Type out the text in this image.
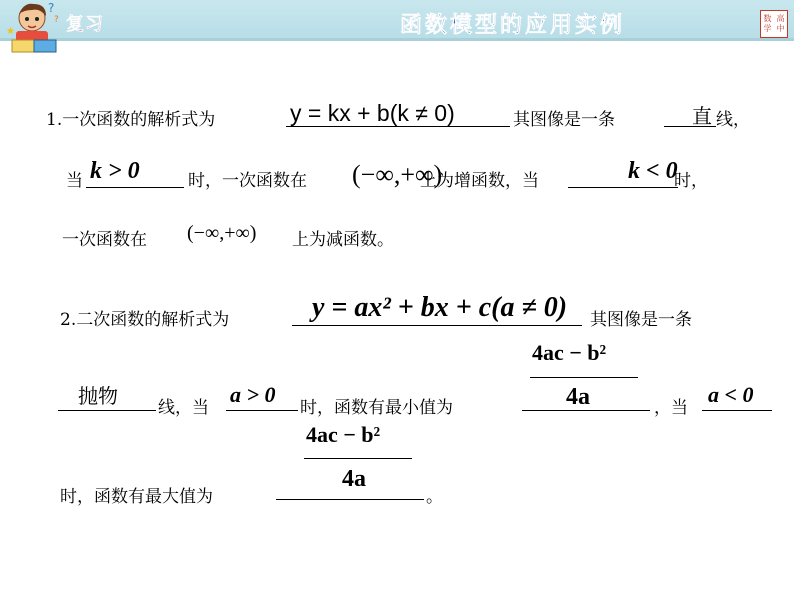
?
?
★	复习	函数模型的应用实例	数 高
学 中
1.一次函数的解析式为	y = kx + b(k ≠ 0)	其图像是一条	直 线，
当 k > 0	时，一次函数在 (−∞,+∞)
上为增函数，当	k < 0
时，
一次函数在 (−∞,+∞) 上为减函数。
2.二次函数的解析式为	y = ax² + bx + c(a ≠ 0) 其图像是一条
4ac − b²
抛物 线，当
a > 0
时，函数有最小值为	4a	，当
a < 0
4ac − b²
时，函数有最大值为
4a
。
